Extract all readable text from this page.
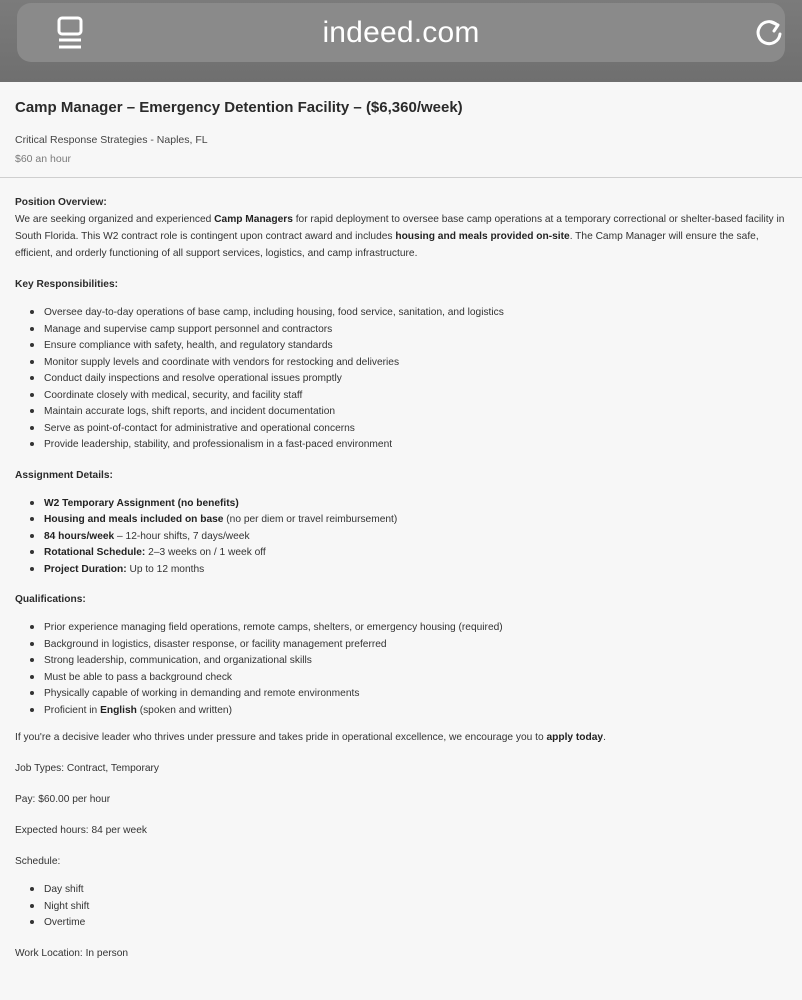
indeed.com
Camp Manager – Emergency Detention Facility – ($6,360/week)
Critical Response Strategies - Naples, FL
$60 an hour
Position Overview:
We are seeking organized and experienced Camp Managers for rapid deployment to oversee base camp operations at a temporary correctional or shelter-based facility in South Florida. This W2 contract role is contingent upon contract award and includes housing and meals provided on-site. The Camp Manager will ensure the safe, efficient, and orderly functioning of all support services, logistics, and camp infrastructure.
Key Responsibilities:
Oversee day-to-day operations of base camp, including housing, food service, sanitation, and logistics
Manage and supervise camp support personnel and contractors
Ensure compliance with safety, health, and regulatory standards
Monitor supply levels and coordinate with vendors for restocking and deliveries
Conduct daily inspections and resolve operational issues promptly
Coordinate closely with medical, security, and facility staff
Maintain accurate logs, shift reports, and incident documentation
Serve as point-of-contact for administrative and operational concerns
Provide leadership, stability, and professionalism in a fast-paced environment
Assignment Details:
W2 Temporary Assignment (no benefits)
Housing and meals included on base (no per diem or travel reimbursement)
84 hours/week – 12-hour shifts, 7 days/week
Rotational Schedule: 2–3 weeks on / 1 week off
Project Duration: Up to 12 months
Qualifications:
Prior experience managing field operations, remote camps, shelters, or emergency housing (required)
Background in logistics, disaster response, or facility management preferred
Strong leadership, communication, and organizational skills
Must be able to pass a background check
Physically capable of working in demanding and remote environments
Proficient in English (spoken and written)
If you're a decisive leader who thrives under pressure and takes pride in operational excellence, we encourage you to apply today.
Job Types: Contract, Temporary
Pay: $60.00 per hour
Expected hours: 84 per week
Schedule:
Day shift
Night shift
Overtime
Work Location: In person
